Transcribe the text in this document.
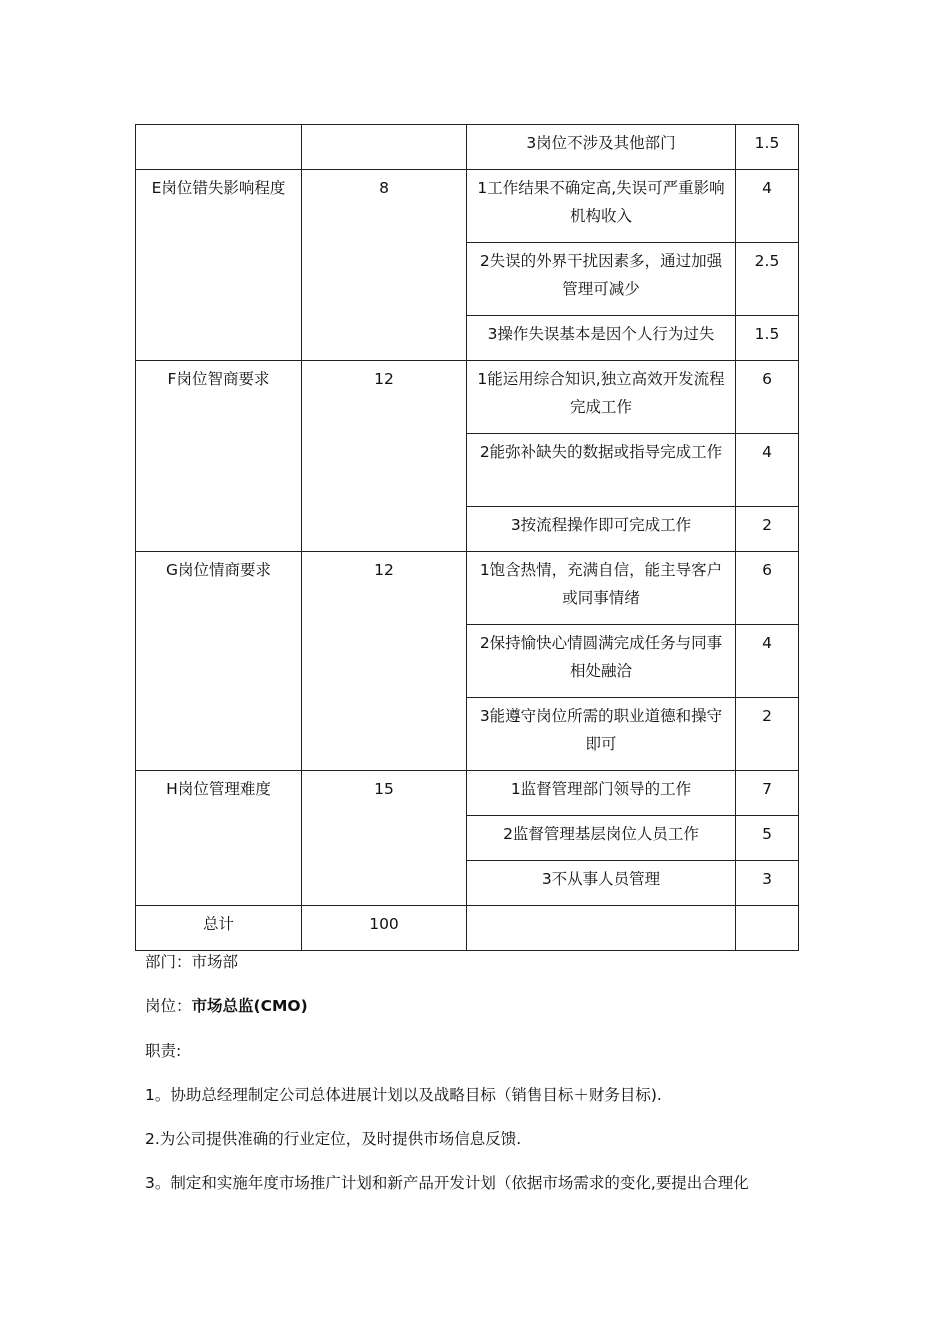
		3岗位不涉及其他部门	1.5
E岗位错失影响程度	8	1工作结果不确定高,失误可严重影响机构收入	4
		2失误的外界干扰因素多，通过加强管理可减少	2.5
		3操作失误基本是因个人行为过失	1.5
F岗位智商要求	12	1能运用综合知识,独立高效开发流程完成工作	6
		2能弥补缺失的数据或指导完成工作	4
		3按流程操作即可完成工作	2
G岗位情商要求	12	1饱含热情，充满自信，能主导客户或同事情绪	6
		2保持愉快心情圆满完成任务与同事相处融洽	4
		3能遵守岗位所需的职业道德和操守即可	2
H岗位管理难度	15	1监督管理部门领导的工作	7
		2监督管理基层岗位人员工作	5
		3不从事人员管理	3
总计	100		
部门：市场部
岗位：市场总监(CMO)
职责:
1。协助总经理制定公司总体进展计划以及战略目标（销售目标＋财务目标).
2.为公司提供准确的行业定位，及时提供市场信息反馈.
3。制定和实施年度市场推广计划和新产品开发计划（依据市场需求的变化,要提出合理化
